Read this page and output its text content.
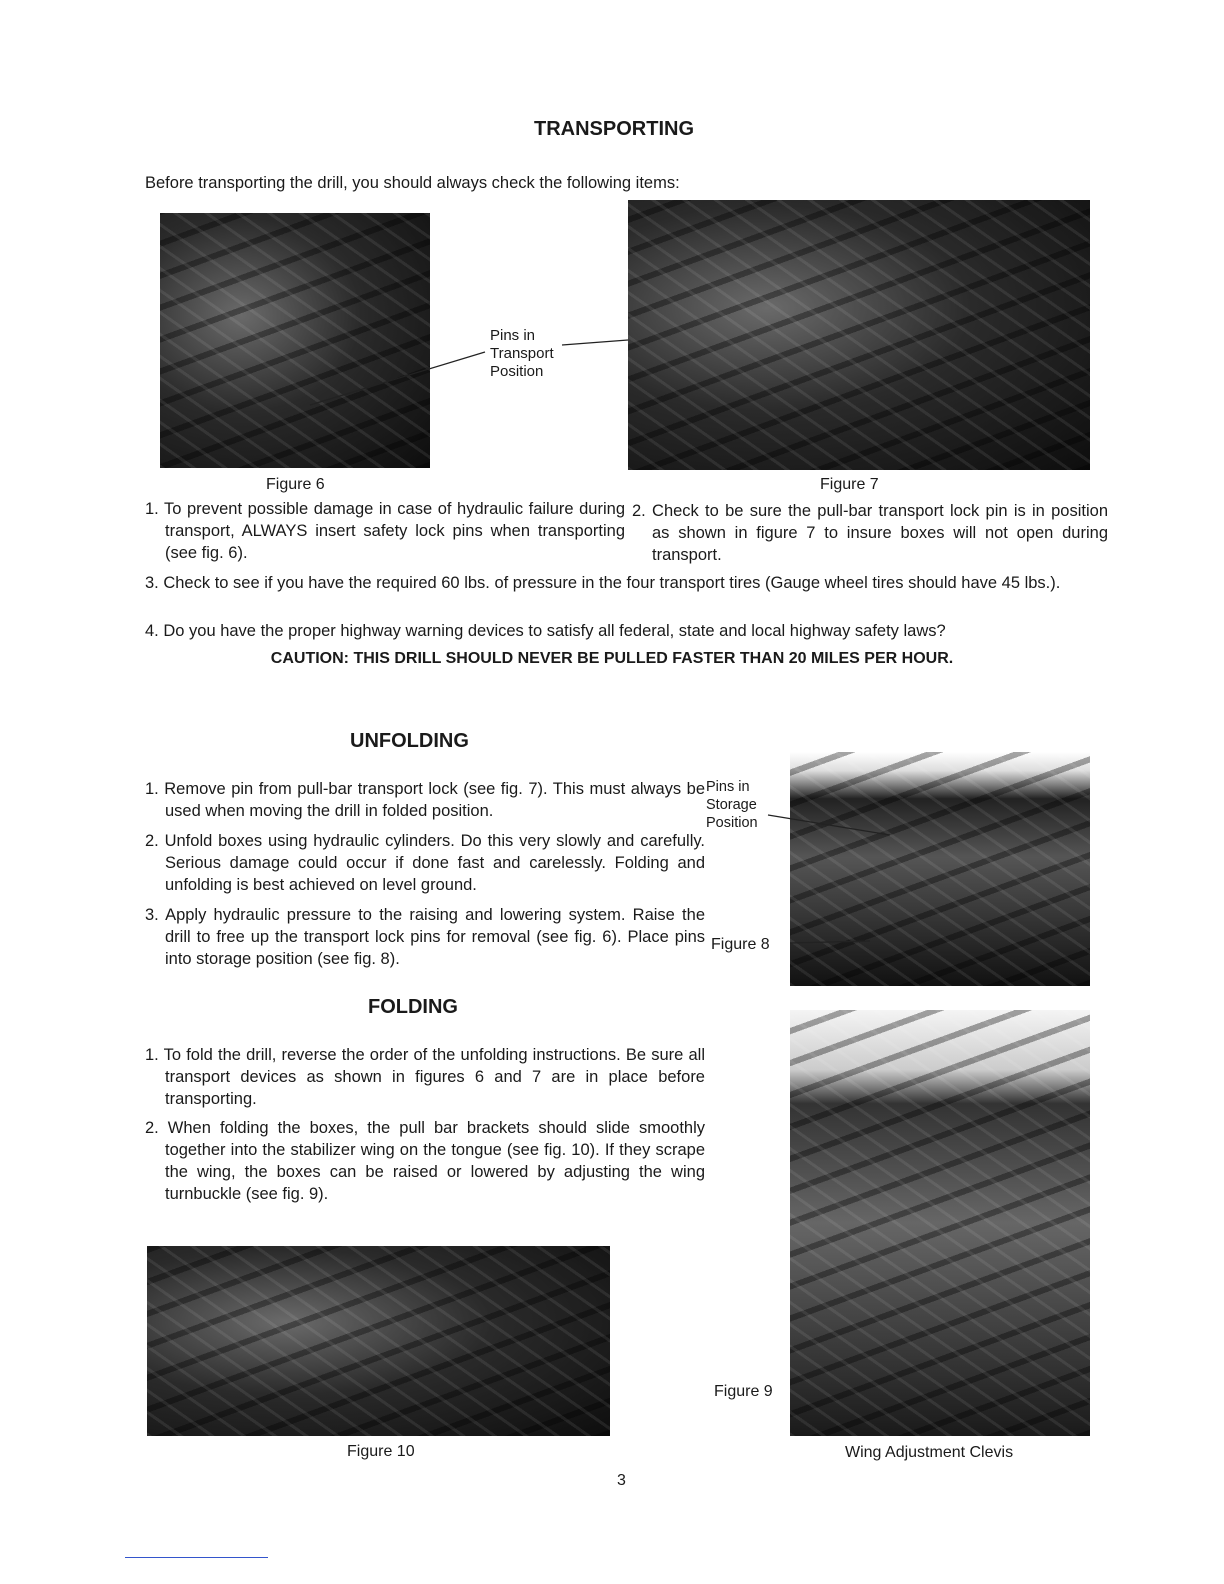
TRANSPORTING
Before transporting the drill, you should always check the following items:
Pins in
Transport
Position
Figure 6	Figure 7
1. To prevent possible damage in case of hydraulic failure during transport, ALWAYS insert safety lock pins when transporting (see fig. 6).
2. Check to be sure the pull-bar transport lock pin is in position as shown in figure 7 to insure boxes will not open during transport.
3. Check to see if you have the required 60 lbs. of pressure in the four transport tires (Gauge wheel tires should have 45 lbs.).
4. Do you have the proper highway warning devices to satisfy all federal, state and local highway safety laws?
CAUTION: THIS DRILL SHOULD NEVER BE PULLED FASTER THAN 20 MILES PER HOUR.
UNFOLDING
1. Remove pin from pull-bar transport lock (see fig. 7). This must always be used when moving the drill in folded position.
2. Unfold boxes using hydraulic cylinders. Do this very slowly and carefully. Serious damage could occur if done fast and carelessly. Folding and unfolding is best achieved on level ground.
3. Apply hydraulic pressure to the raising and lowering system. Raise the drill to free up the transport lock pins for removal (see fig. 6). Place pins into storage position (see fig. 8).
Pins in
Storage
Position
Figure 8
FOLDING
1. To fold the drill, reverse the order of the unfolding instructions. Be sure all transport devices as shown in figures 6 and 7 are in place before transporting.
2. When folding the boxes, the pull bar brackets should slide smoothly together into the stabilizer wing on the tongue (see fig. 10). If they scrape the wing, the boxes can be raised or lowered by adjusting the wing turnbuckle (see fig. 9).
Figure 9
Wing Adjustment Clevis
Figure 10
3
